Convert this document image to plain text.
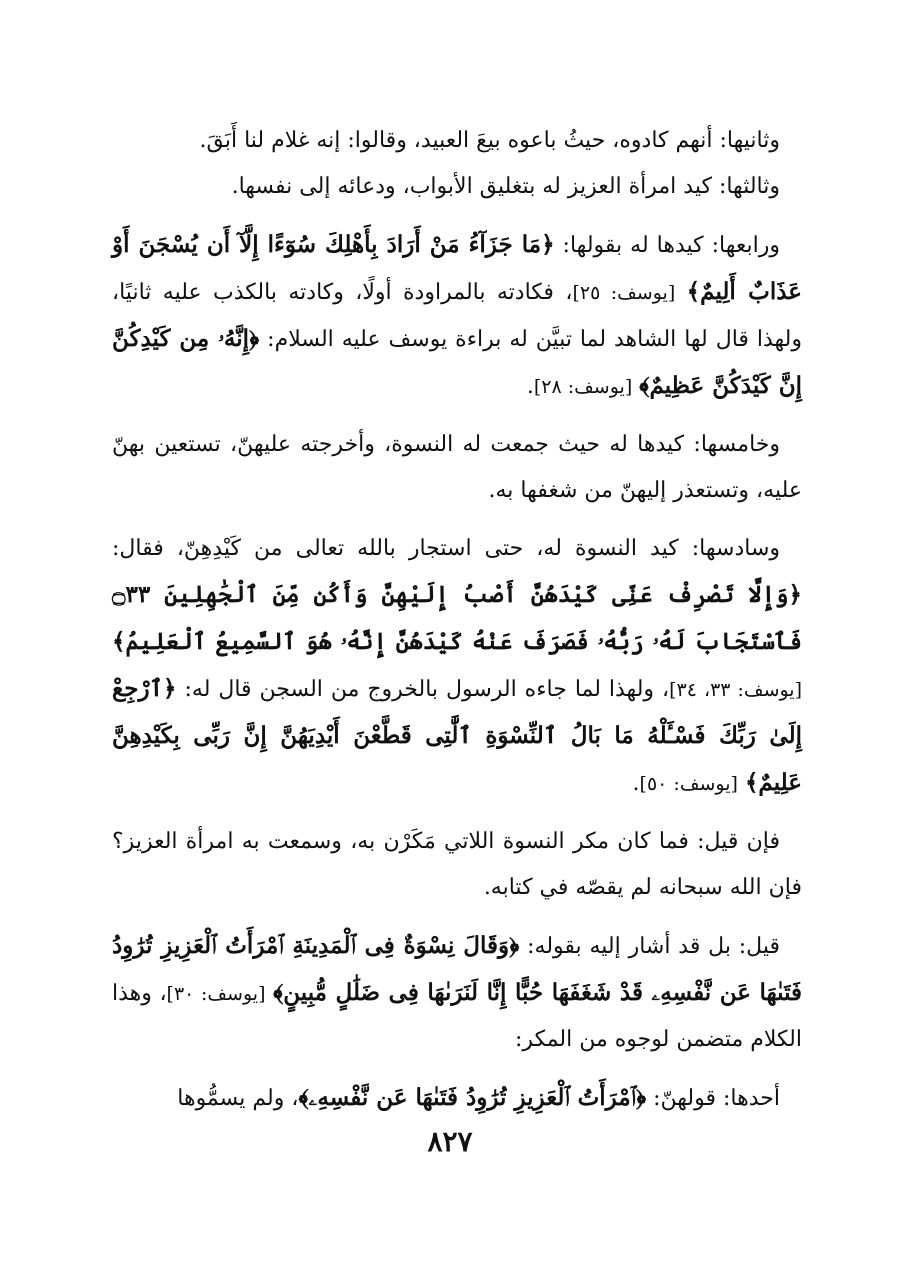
وثانيها: أنهم كادوه، حيثُ باعوه بيعَ العبيد، وقالوا: إنه غلام لنا أَبَقَ.

وثالثها: كيد امرأة العزيز له بتغليق الأبواب، ودعائه إلى نفسها.

ورابعها: كيدها له بقولها: ﴿مَا جَزَآءُ مَنْ أَرَادَ بِأَهْلِكَ سُوٓءًا إِلَّآ أَن يُسْجَنَ أَوْ عَذَابٌ أَلِيمٌ﴾ [يوسف: ٢٥]، فكادته بالمراودة أولًا، وكادته بالكذب عليه ثانيًا، ولهذا قال لها الشاهد لما تبيَّن له براءة يوسف عليه السلام: ﴿إِنَّهُۥ مِن كَيْدِكُنَّ إِنَّ كَيْدَكُنَّ عَظِيمٌ﴾ [يوسف: ٢٨].

وخامسها: كيدها له حيث جمعت له النسوة، وأخرجته عليهنّ، تستعين بهنّ عليه، وتستعذر إليهنّ من شغفها به.

وسادسها: كيد النسوة له، حتى استجار بالله تعالى من كَيْدِهِنّ، فقال: ﴿وَإِلَّا تَصْرِفْ عَنِّى كَيْدَهُنَّ أَصْبُ إِلَيْهِنَّ وَأَكُن مِّنَ ٱلْجَٰهِلِينَ ۝٣٣ فَٱسْتَجَابَ لَهُۥ رَبُّهُۥ فَصَرَفَ عَنْهُ كَيْدَهُنَّ إِنَّهُۥ هُوَ ٱلسَّمِيعُ ٱلْعَلِيمُ﴾ [يوسف: ٣٣، ٣٤]، ولهذا لما جاءه الرسول بالخروج من السجن قال له: ﴿ٱرْجِعْ إِلَىٰ رَبِّكَ فَسْـَٔلْهُ مَا بَالُ ٱلنِّسْوَةِ ٱلَّٰتِى قَطَّعْنَ أَيْدِيَهُنَّ إِنَّ رَبِّى بِكَيْدِهِنَّ عَلِيمٌ﴾ [يوسف: ٥٠].

فإن قيل: فما كان مكر النسوة اللاتي مَكَرْن به، وسمعت به امرأة العزيز؟ فإن الله سبحانه لم يقصّه في كتابه.

قيل: بل قد أشار إليه بقوله: ﴿وَقَالَ نِسْوَةٌ فِى ٱلْمَدِينَةِ ٱمْرَأَتُ ٱلْعَزِيزِ تُرَٰوِدُ فَتَىٰهَا عَن نَّفْسِهِۦ قَدْ شَغَفَهَا حُبًّا إِنَّا لَنَرَىٰهَا فِى ضَلَٰلٍ مُّبِينٍ﴾ [يوسف: ٣٠]، وهذا الكلام متضمن لوجوه من المكر:

أحدها: قولهنّ: ﴿ٱمْرَأَتُ ٱلْعَزِيزِ تُرَٰوِدُ فَتَىٰهَا عَن نَّفْسِهِۦ﴾، ولم يسمُّوها

٨٢٧
